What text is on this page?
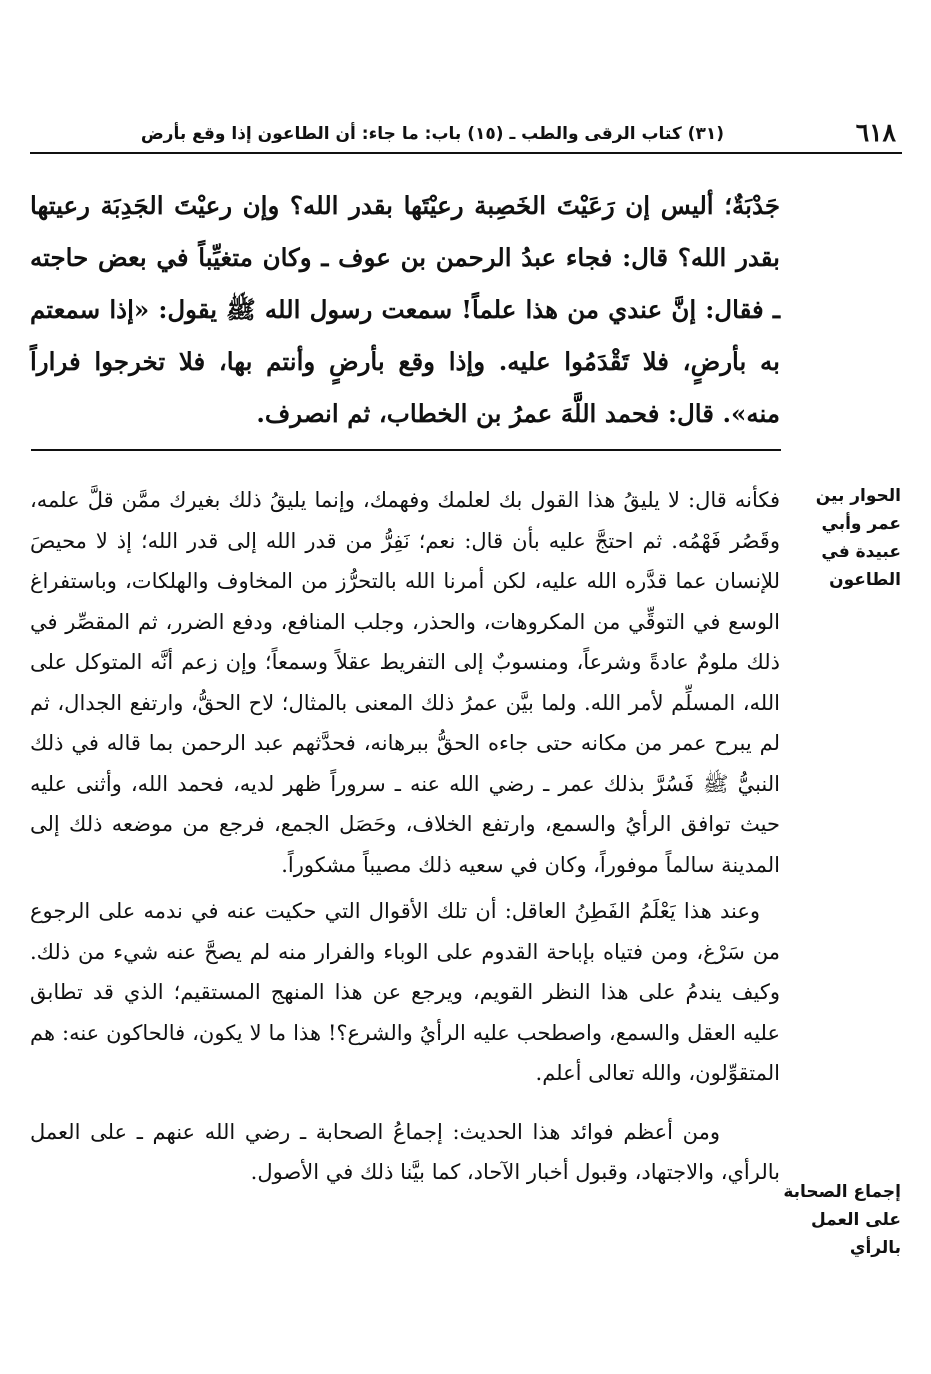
٦١٨
(٣١) كتاب الرقى والطب ـ (١٥) باب: ما جاء: أن الطاعون إذا وقع بأرض

جَدْبَةٌ؛ أليس إن رَعَيْتَ الخَصِبة رعيْتَها بقدر الله؟ وإن رعيْتَ الجَدِبَة رعيتها بقدر الله؟ قال: فجاء عبدُ الرحمن بن عوف ـ وكان متغيِّباً في بعض حاجته ـ فقال: إنَّ عندي من هذا علماً! سمعت رسول الله ﷺ يقول: «إذا سمعتم به بأرضٍ، فلا تَقْدَمُوا عليه. وإذا وقع بأرضٍ وأنتم بها، فلا تخرجوا فراراً منه». قال: فحمد اللَّهَ عمرُ بن الخطاب، ثم انصرف.

الحوار بين عمر وأبي عبيدة في الطاعون
إجماع الصحابة على العمل بالرأي

فكأنه قال: لا يليقُ هذا القول بك لعلمك وفهمك، وإنما يليقُ ذلك بغيرك ممَّن قلَّ علمه، وقَصُر فَهْمُه. ثم احتجَّ عليه بأن قال: نعم؛ نَفِرُّ من قدر الله إلى قدر الله؛ إذ لا محيصَ للإنسان عما قدَّره الله عليه، لكن أمرنا الله بالتحرُّز من المخاوف والهلكات، وباستفراغ الوسع في التوقِّي من المكروهات، والحذر، وجلب المنافع، ودفع الضرر، ثم المقصِّر في ذلك ملومٌ عادةً وشرعاً، ومنسوبٌ إلى التفريط عقلاً وسمعاً؛ وإن زعم أنَّه المتوكل على الله، المسلِّم لأمر الله. ولما بيَّن عمرُ ذلك المعنى بالمثال؛ لاح الحقُّ، وارتفع الجدال، ثم لم يبرح عمر من مكانه حتى جاءه الحقُّ ببرهانه، فحدَّثهم عبد الرحمن بما قاله في ذلك النبيُّ ﷺ فَسُرَّ بذلك عمر ـ رضي الله عنه ـ سروراً ظهر لديه، فحمد الله، وأثنى عليه حيث توافق الرأيُ والسمع، وارتفع الخلاف، وحَصَل الجمع، فرجع من موضعه ذلك إلى المدينة سالماً موفوراً، وكان في سعيه ذلك مصيباً مشكوراً.

وعند هذا يَعْلَمُ الفَطِنُ العاقل: أن تلك الأقوال التي حكيت عنه في ندمه على الرجوع من سَرْغ، ومن فتياه بإباحة القدوم على الوباء والفرار منه لم يصحَّ عنه شيء من ذلك. وكيف يندمُ على هذا النظر القويم، ويرجع عن هذا المنهج المستقيم؛ الذي قد تطابق عليه العقل والسمع، واصطحب عليه الرأيُ والشرع؟! هذا ما لا يكون، فالحاكون عنه: هم المتقوِّلون، والله تعالى أعلم.

ومن أعظم فوائد هذا الحديث: إجماعُ الصحابة ـ رضي الله عنهم ـ على العمل بالرأي، والاجتهاد، وقبول أخبار الآحاد، كما بيَّنا ذلك في الأصول.
